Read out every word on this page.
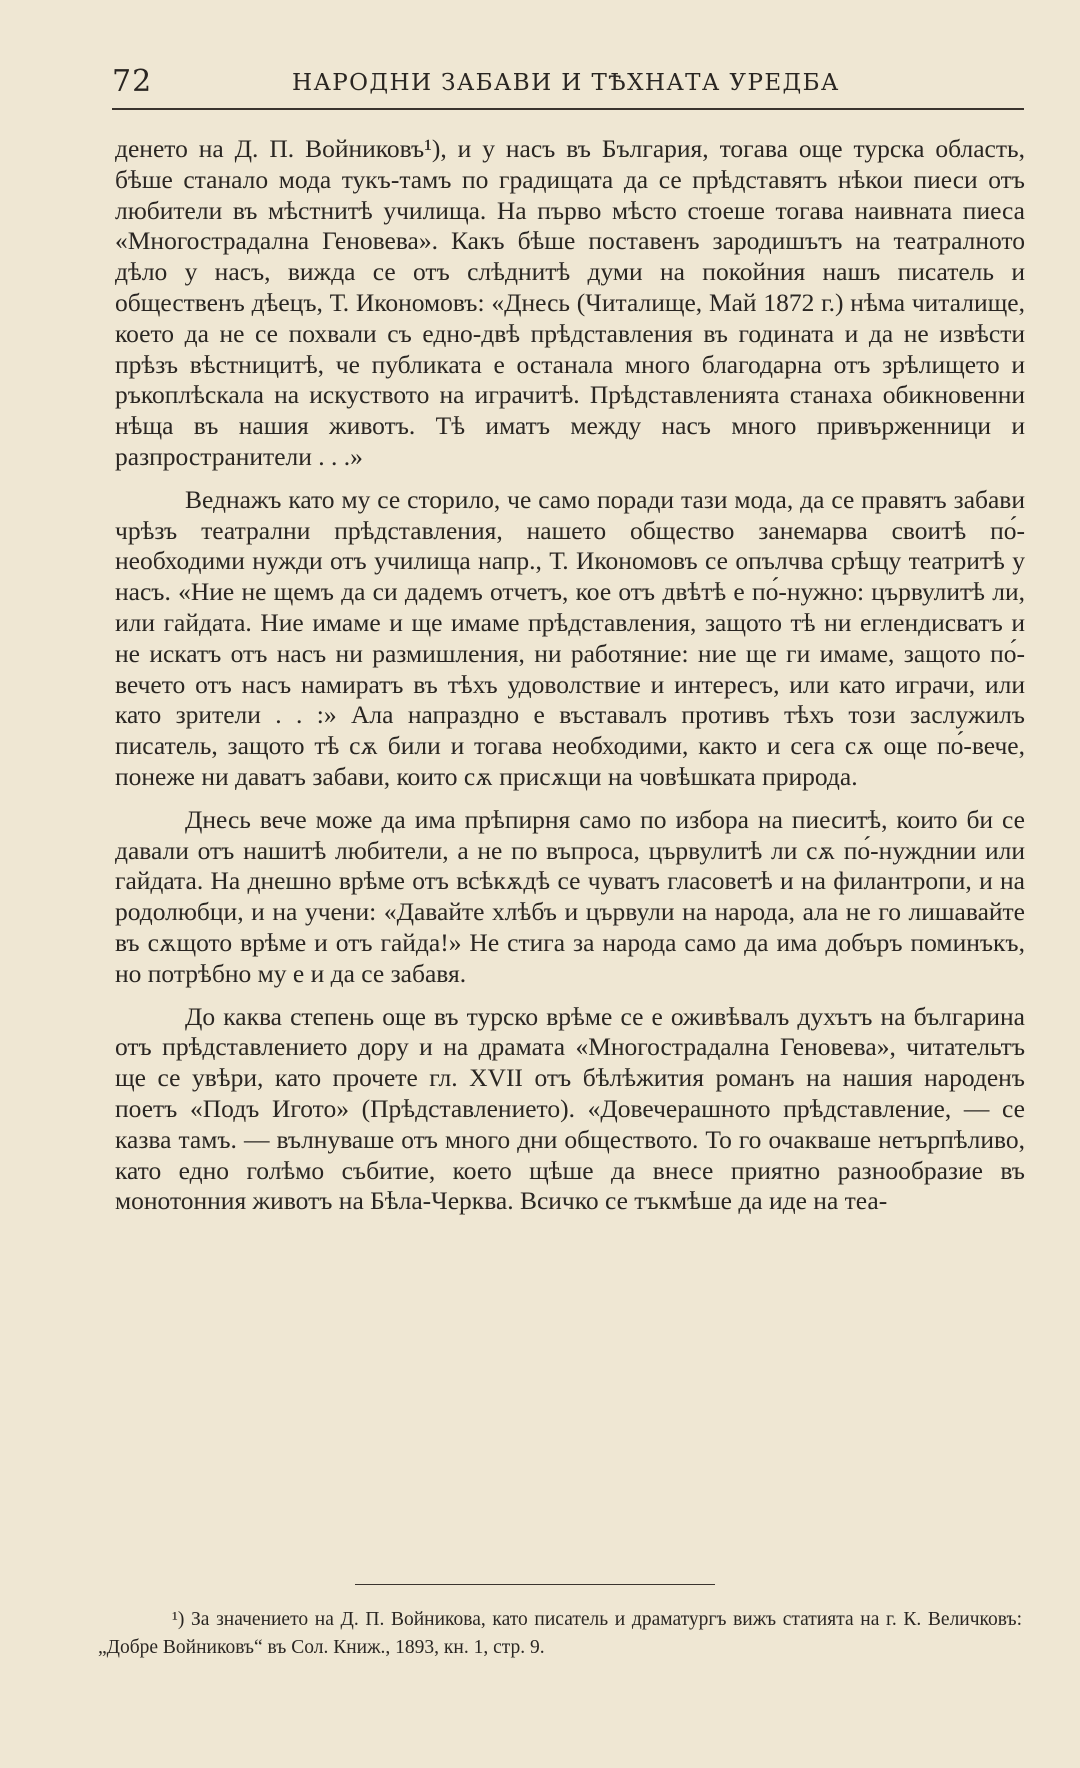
72	НАРОДНИ ЗАБАВИ И ТѢХНАТА УРЕДБА

денето на Д. П. Войниковъ¹), и у насъ въ България, тогава още турска область, бѣше станало мода тукъ-тамъ по градищата да се прѣдставятъ нѣкои пиеси отъ любители въ мѣстнитѣ училища. На първо мѣсто стоеше тогава наивната пиеса «Многострадална Геновева». Какъ бѣше поставенъ зародишътъ на театралното дѣло у насъ, вижда се отъ слѣднитѣ думи на покойния нашъ писатель и общественъ дѣецъ, Т. Икономовъ: «Днесь (Читалище, Май 1872 г.) нѣма читалище, което да не се похвали съ едно-двѣ прѣдставления въ годината и да не извѣсти прѣзъ вѣстницитѣ, че публиката е останала много благодарна отъ зрѣлището и ръкоплѣскала на искуството на играчитѣ. Прѣдставленията станаха обикновенни нѣща въ нашия животъ. Тѣ иматъ между насъ много привърженници и разпространители . . .»

Веднажъ като му се сторило, че само поради тази мода, да се правятъ забави чрѣзъ театрални прѣдставления, нашето общество занемарва своитѣ по́-необходими нужди отъ училища напр., Т. Икономовъ се опълчва срѣщу театритѣ у насъ. «Ние не щемъ да си дадемъ отчетъ, кое отъ двѣтѣ е по́-нужно: цървулитѣ ли, или гайдата. Ние имаме и ще имаме прѣдставления, защото тѣ ни еглендисватъ и не искатъ отъ насъ ни размишления, ни работяние: ние ще ги имаме, защото по́-вечето отъ насъ намиратъ въ тѣхъ удоволствие и интересъ, или като играчи, или като зрители . . :» Ала напраздно е въставалъ противъ тѣхъ този заслужилъ писатель, защото тѣ сѫ били и тогава необходими, както и сега сѫ още по́-вече, понеже ни даватъ забави, които сѫ присѫщи на човѣшката природа.

Днесь вече може да има прѣпирня само по избора на пиеситѣ, които би се давали отъ нашитѣ любители, а не по въпроса, цървулитѣ ли сѫ по́-нужднии или гайдата. На днешно врѣме отъ всѣкѫдѣ се чуватъ гласоветѣ и на филантропи, и на родолюбци, и на учени: «Давайте хлѣбъ и цървули на народа, ала не го лишавайте въ сѫщото врѣме и отъ гайда!» Не стига за народа само да има добъръ поминъкъ, но потрѣбно му е и да се забавя.

До каква степень още въ турско врѣме се е оживѣвалъ духътъ на българина отъ прѣдставлението дору и на драмата «Многострадална Геновева», читательтъ ще се увѣри, като прочете гл. XVII отъ бѣлѣжития романъ на нашия народенъ поетъ «Подъ Игото» (Прѣдставлението). «Довечерашното прѣдставление, — се казва тамъ. — вълнуваше отъ много дни обществото. То го очакваше нетърпѣливо, като едно голѣмо събитие, което щѣше да внесе приятно разнообразие въ монотонния животъ на Бѣла-Черква. Всичко се тъкмѣше да иде на теа-

¹) За значението на Д. П. Войникова, като писатель и драматургъ вижъ статията на г. К. Величковъ: „Добре Войниковъ“ въ Сол. Книж., 1893, кн. 1, стр. 9.
